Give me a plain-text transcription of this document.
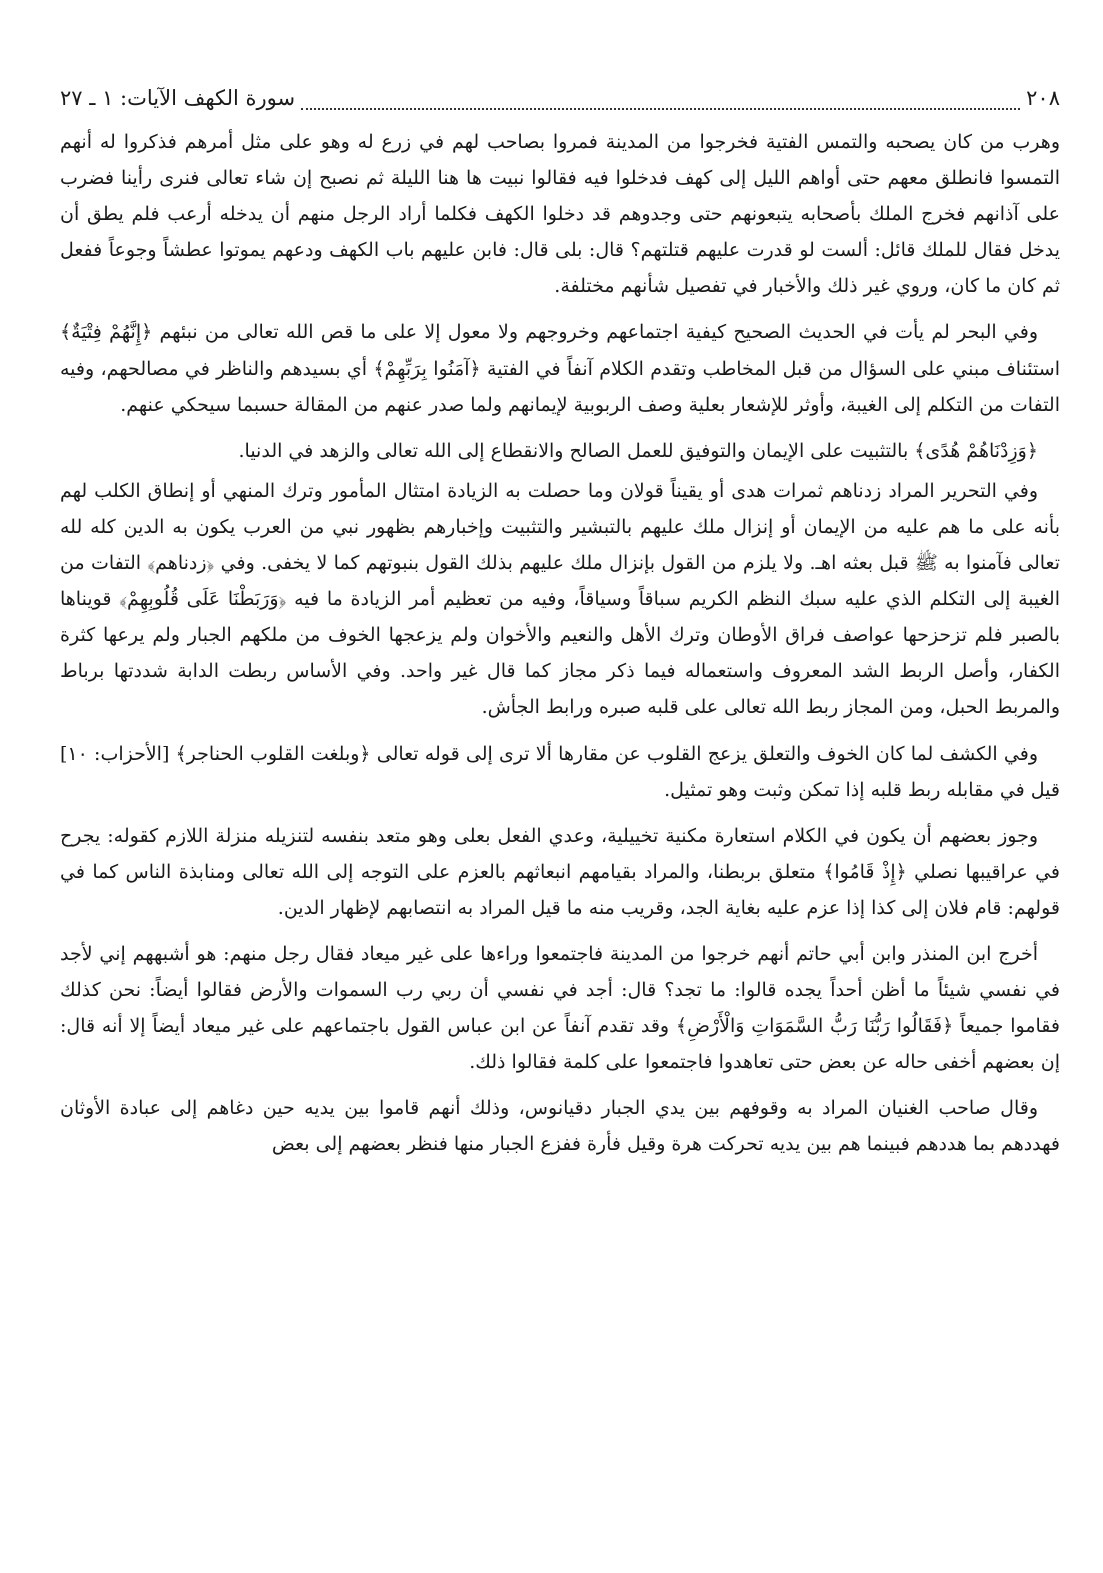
٢٠٨
سورة الكهف الآيات: ١ ـ ٢٧

وهرب من كان يصحبه والتمس الفتية فخرجوا من المدينة فمروا بصاحب لهم في زرع له وهو على مثل أمرهم فذكروا له أنهم التمسوا فانطلق معهم حتى أواهم الليل إلى كهف فدخلوا فيه فقالوا نبيت ها هنا الليلة ثم نصبح إن شاء تعالى فنرى رأينا فضرب على آذانهم فخرج الملك بأصحابه يتبعونهم حتى وجدوهم قد دخلوا الكهف فكلما أراد الرجل منهم أن يدخله أرعب فلم يطق أن يدخل فقال للملك قائل: ألست لو قدرت عليهم قتلتهم؟ قال: بلى قال: فابن عليهم باب الكهف ودعهم يموتوا عطشاً وجوعاً ففعل ثم كان ما كان، وروي غير ذلك والأخبار في تفصيل شأنهم مختلفة.

وفي البحر لم يأت في الحديث الصحيح كيفية اجتماعهم وخروجهم ولا معول إلا على ما قص الله تعالى من نبئهم ﴿إِنَّهُمْ فِتْيَةٌ﴾ استئناف مبني على السؤال من قبل المخاطب وتقدم الكلام آنفاً في الفتية ﴿آمَنُوا بِرَبِّهِمْ﴾ أي بسيدهم والناظر في مصالحهم، وفيه التفات من التكلم إلى الغيبة، وأوثر للإشعار بعلية وصف الربوبية لإيمانهم ولما صدر عنهم من المقالة حسبما سيحكي عنهم.

﴿وَزِدْنَاهُمْ هُدًى﴾ بالتثبيت على الإيمان والتوفيق للعمل الصالح والانقطاع إلى الله تعالى والزهد في الدنيا.

وفي التحرير المراد زدناهم ثمرات هدى أو يقيناً قولان وما حصلت به الزيادة امتثال المأمور وترك المنهي أو إنطاق الكلب لهم بأنه على ما هم عليه من الإيمان أو إنزال ملك عليهم بالتبشير والتثبيت وإخبارهم بظهور نبي من العرب يكون به الدين كله لله تعالى فآمنوا به ﷺ قبل بعثه اهـ. ولا يلزم من القول بإنزال ملك عليهم بذلك القول بنبوتهم كما لا يخفى. وفي ﴿زدناهم﴾ التفات من الغيبة إلى التكلم الذي عليه سبك النظم الكريم سباقاً وسياقاً، وفيه من تعظيم أمر الزيادة ما فيه ﴿وَرَبَطْنَا عَلَى قُلُوبِهِمْ﴾ قويناها بالصبر فلم تزحزحها عواصف فراق الأوطان وترك الأهل والنعيم والأخوان ولم يزعجها الخوف من ملكهم الجبار ولم يرعها كثرة الكفار، وأصل الربط الشد المعروف واستعماله فيما ذكر مجاز كما قال غير واحد. وفي الأساس ربطت الدابة شددتها برباط والمربط الحبل، ومن المجاز ربط الله تعالى على قلبه صبره ورابط الجأش.

وفي الكشف لما كان الخوف والتعلق يزعج القلوب عن مقارها ألا ترى إلى قوله تعالى ﴿وبلغت القلوب الحناجر﴾ [الأحزاب: ١٠] قيل في مقابله ربط قلبه إذا تمكن وثبت وهو تمثيل.

وجوز بعضهم أن يكون في الكلام استعارة مكنية تخييلية، وعدي الفعل بعلى وهو متعد بنفسه لتنزيله منزلة اللازم كقوله: يجرح في عراقيبها نصلي ﴿إِذْ قَامُوا﴾ متعلق بربطنا، والمراد بقيامهم انبعاثهم بالعزم على التوجه إلى الله تعالى ومنابذة الناس كما في قولهم: قام فلان إلى كذا إذا عزم عليه بغاية الجد، وقريب منه ما قيل المراد به انتصابهم لإظهار الدين.

أخرج ابن المنذر وابن أبي حاتم أنهم خرجوا من المدينة فاجتمعوا وراءها على غير ميعاد فقال رجل منهم: هو أشبههم إني لأجد في نفسي شيئاً ما أظن أحداً يجده قالوا: ما تجد؟ قال: أجد في نفسي أن ربي رب السموات والأرض فقالوا أيضاً: نحن كذلك فقاموا جميعاً ﴿فَقَالُوا رَبُّنَا رَبُّ السَّمَوَاتِ وَالْأَرْضِ﴾ وقد تقدم آنفاً عن ابن عباس القول باجتماعهم على غير ميعاد أيضاً إلا أنه قال: إن بعضهم أخفى حاله عن بعض حتى تعاهدوا فاجتمعوا على كلمة فقالوا ذلك.

وقال صاحب الغنيان المراد به وقوفهم بين يدي الجبار دقيانوس، وذلك أنهم قاموا بين يديه حين دغاهم إلى عبادة الأوثان فهددهم بما هددهم فبينما هم بين يديه تحركت هرة وقيل فأرة ففزع الجبار منها فنظر بعضهم إلى بعض
